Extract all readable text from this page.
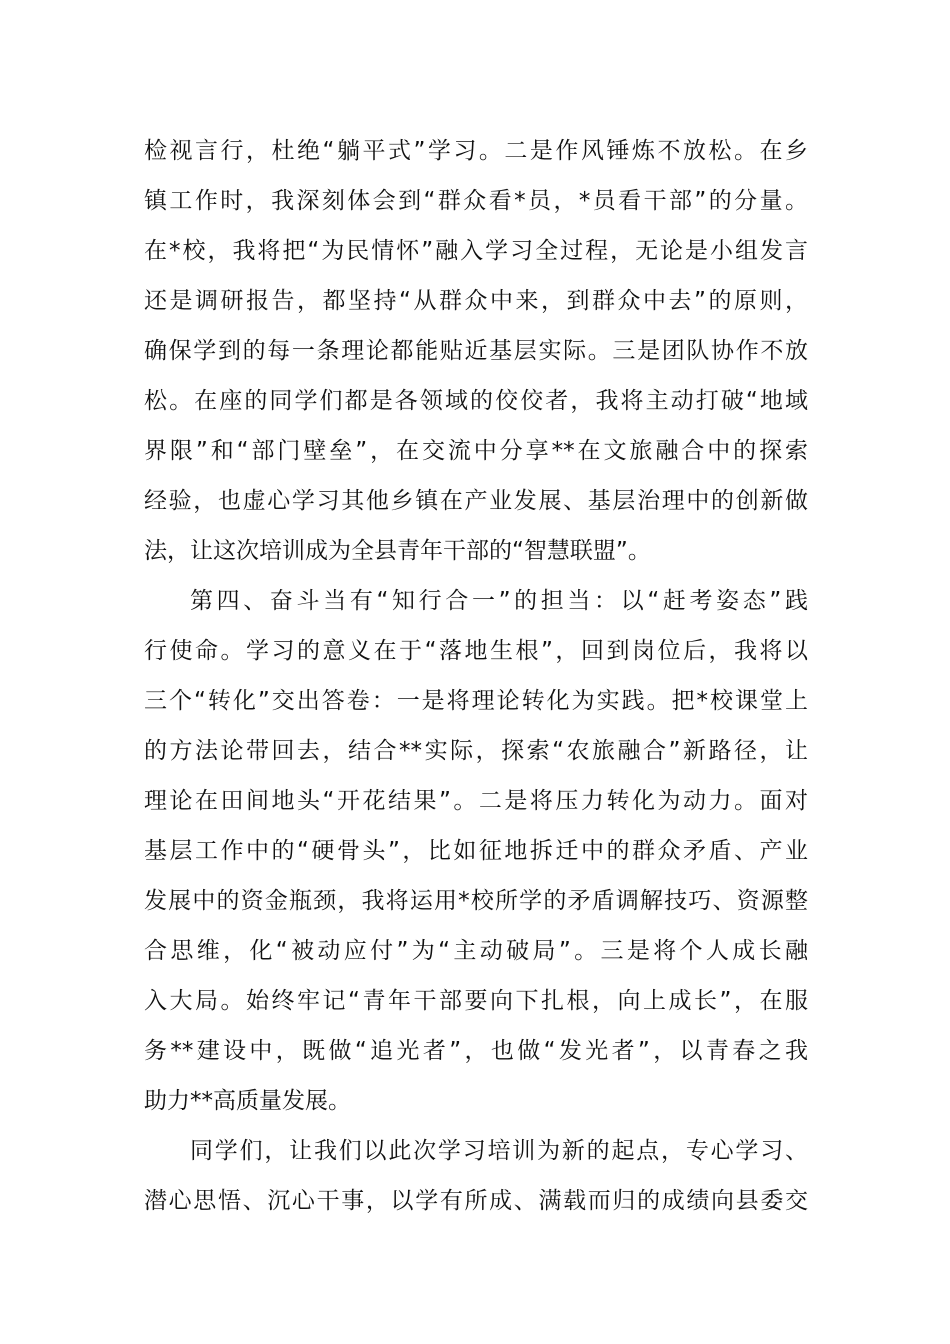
检视言行，杜绝“躺平式”学习。二是作风锤炼不放松。在乡
镇工作时，我深刻体会到“群众看*员，*员看干部”的分量。
在*校，我将把“为民情怀”融入学习全过程，无论是小组发言
还是调研报告，都坚持“从群众中来，到群众中去”的原则，
确保学到的每一条理论都能贴近基层实际。三是团队协作不放
松。在座的同学们都是各领域的佼佼者，我将主动打破“地域
界限”和“部门壁垒”，在交流中分享**在文旅融合中的探索
经验，也虚心学习其他乡镇在产业发展、基层治理中的创新做
法，让这次培训成为全县青年干部的“智慧联盟”。
第四、奋斗当有“知行合一”的担当：以“赶考姿态”践
行使命。学习的意义在于“落地生根”，回到岗位后，我将以
三个“转化”交出答卷：一是将理论转化为实践。把*校课堂上
的方法论带回去，结合**实际，探索“农旅融合”新路径，让
理论在田间地头“开花结果”。二是将压力转化为动力。面对
基层工作中的“硬骨头”，比如征地拆迁中的群众矛盾、产业
发展中的资金瓶颈，我将运用*校所学的矛盾调解技巧、资源整
合思维，化“被动应付”为“主动破局”。三是将个人成长融
入大局。始终牢记“青年干部要向下扎根，向上成长”，在服
务**建设中，既做“追光者”，也做“发光者”，以青春之我
助力**高质量发展。
同学们，让我们以此次学习培训为新的起点，专心学习、
潜心思悟、沉心干事，以学有所成、满载而归的成绩向县委交
